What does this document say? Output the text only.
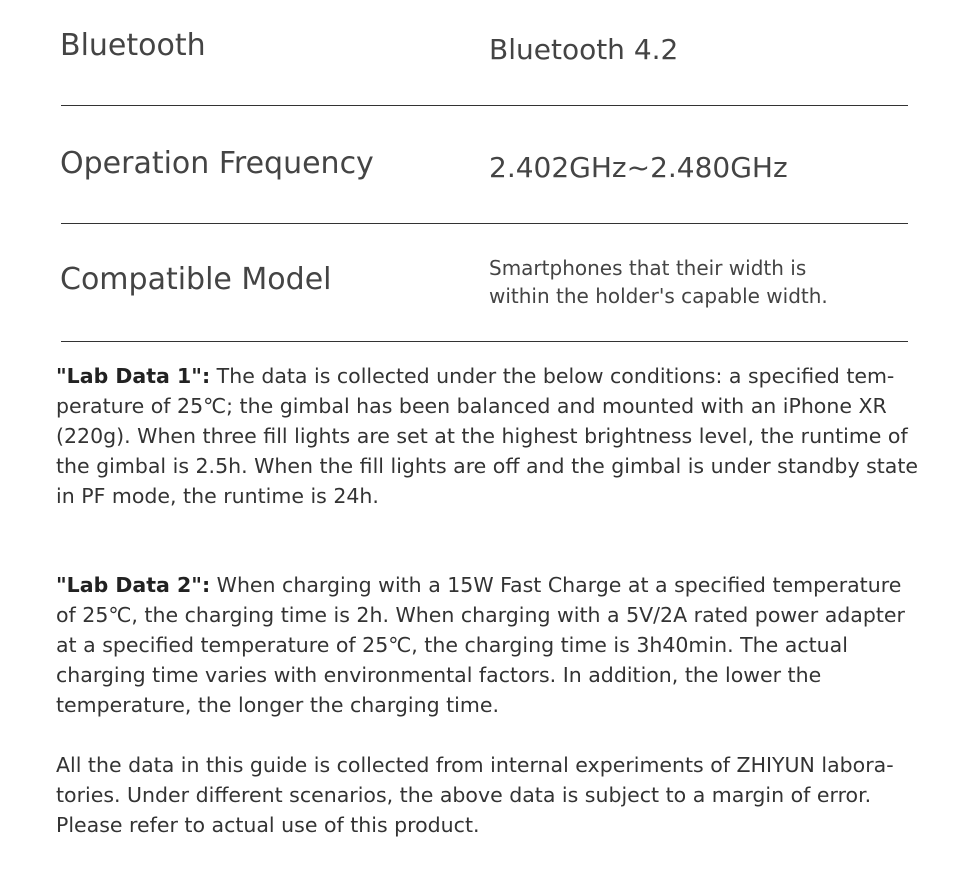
Bluetooth	Bluetooth 4.2
Operation Frequency	2.402GHz~2.480GHz
Compatible Model	Smartphones that their width is
within the holder's capable width.
"Lab Data 1": The data is collected under the below conditions: a specified tem-perature of 25℃; the gimbal has been balanced and mounted with an iPhone XR (220g). When three fill lights are set at the highest brightness level, the runtime of the gimbal is 2.5h. When the fill lights are off and the gimbal is under standby state in PF mode, the runtime is 24h.
"Lab Data 2": When charging with a 15W Fast Charge at a specified temperature of 25℃, the charging time is 2h. When charging with a 5V/2A rated power adapter at a specified temperature of 25℃, the charging time is 3h40min. The actual charging time varies with environmental factors. In addition, the lower the temperature, the longer the charging time.
All the data in this guide is collected from internal experiments of ZHIYUN labora-tories. Under different scenarios, the above data is subject to a margin of error. Please refer to actual use of this product.
